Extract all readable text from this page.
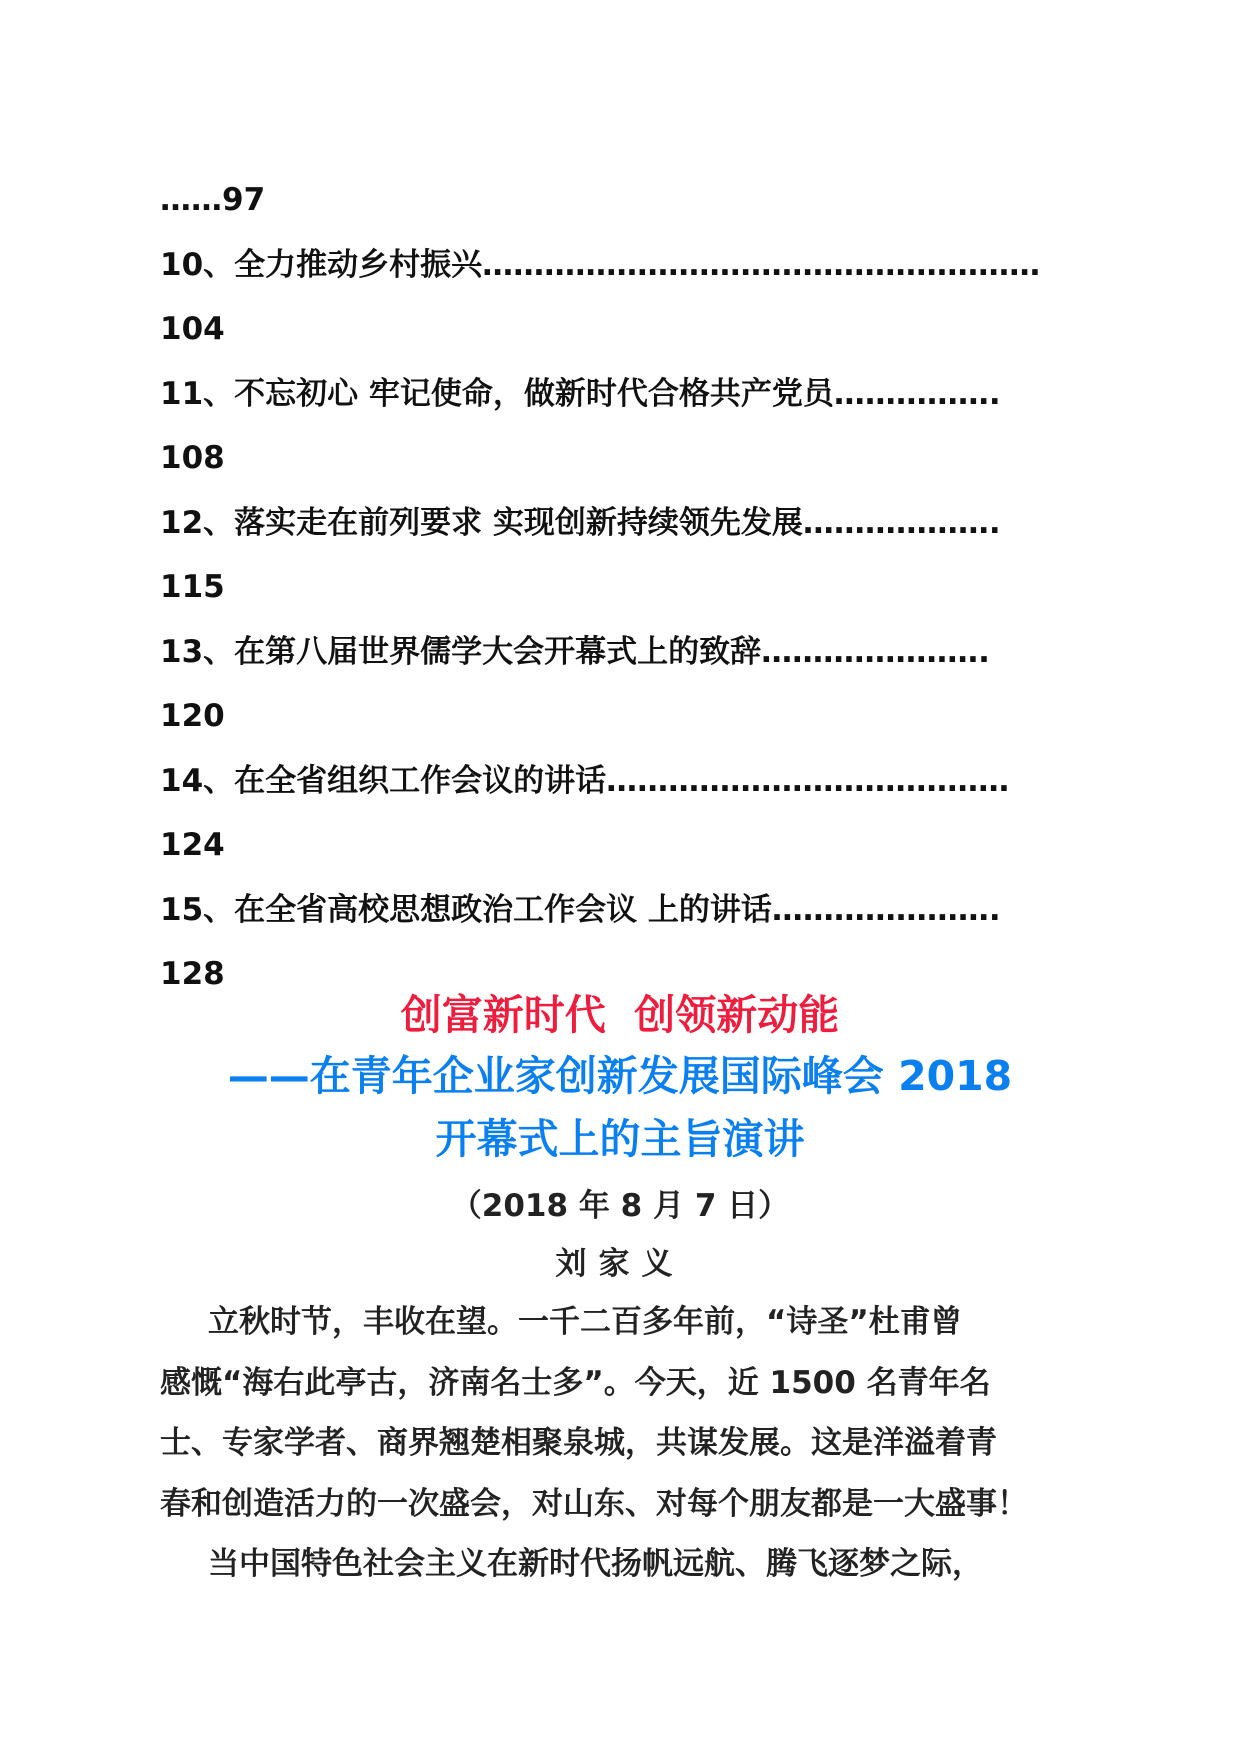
……97

10、全力推动乡村振兴………………………………………………

104

11、不忘初心 牢记使命，做新时代合格共产党员…………….

108

12、落实走在前列要求 实现创新持续领先发展……………….

115

13、在第八届世界儒学大会开幕式上的致辞………………….

120

14、在全省组织工作会议的讲话…………………………………

124

15、在全省高校思想政治工作会议 上的讲话………………….

128

创富新时代  创领新动能

——在青年企业家创新发展国际峰会 2018

开幕式上的主旨演讲

（2018 年 8 月 7 日）

刘家义

立秋时节，丰收在望。一千二百多年前，“诗圣”杜甫曾

感慨“海右此亭古，济南名士多”。今天，近 1500 名青年名

士、专家学者、商界翘楚相聚泉城，共谋发展。这是洋溢着青

春和创造活力的一次盛会，对山东、对每个朋友都是一大盛事！

当中国特色社会主义在新时代扬帆远航、腾飞逐梦之际，
